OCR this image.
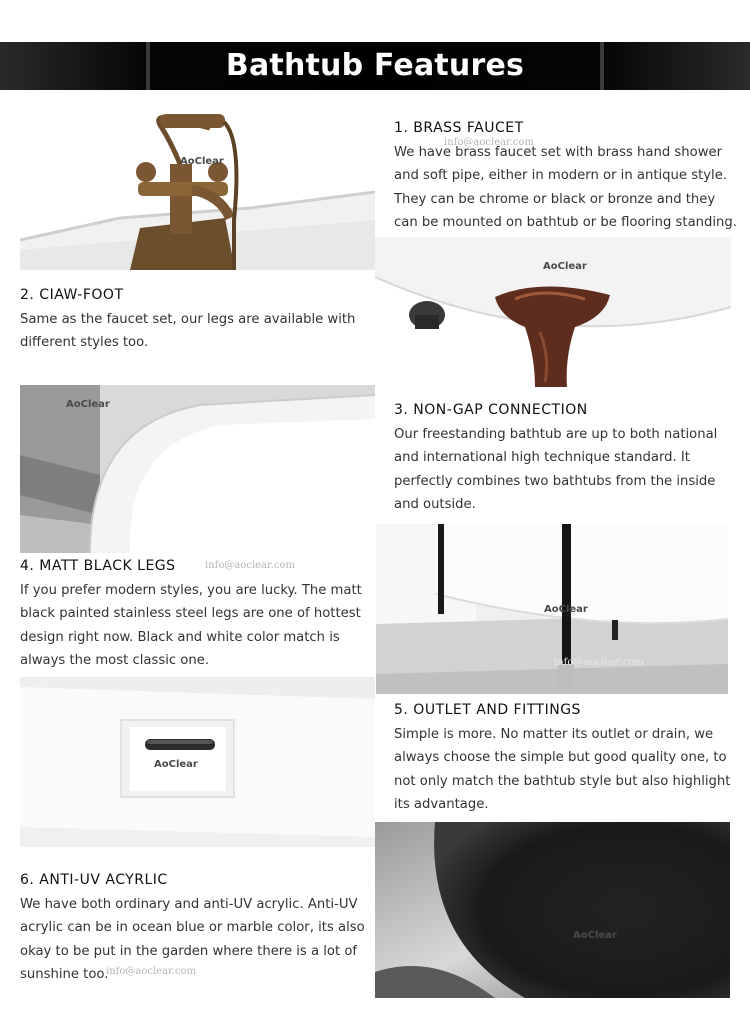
Bathtub Features
AoClear
1. BRASS FAUCET
We have brass faucet set with brass hand shower and soft pipe, either in modern or in antique style. They can be chrome or black or bronze and they can be mounted on bathtub or be flooring standing.
info@aoclear.com
2. CIAW-FOOT
Same as the faucet set, our legs are available with different styles too.
AoClear
AoClear	3. NON-GAP CONNECTION
Our freestanding bathtub are up to both national and international high technique standard. It perfectly combines two bathtubs from the inside and outside.
4. MATT BLACK LEGS	info@aoclear.com
If you prefer modern styles, you are lucky. The matt black painted stainless steel legs are one of hottest design right now. Black and white color match is always the most classic one.
AoClear
info@aoclear.com
AoClear
5. OUTLET AND FITTINGS
Simple is more. No matter its outlet or drain, we always choose the simple but good quality one, to not only match the bathtub style but also highlight its advantage.
AoClear
6. ANTI-UV ACYRLIC
We have both ordinary and anti-UV acrylic. Anti-UV acrylic can be in ocean blue or marble color, its also okay to be put in the garden where there is a lot of sunshine too.
info@aoclear.com
